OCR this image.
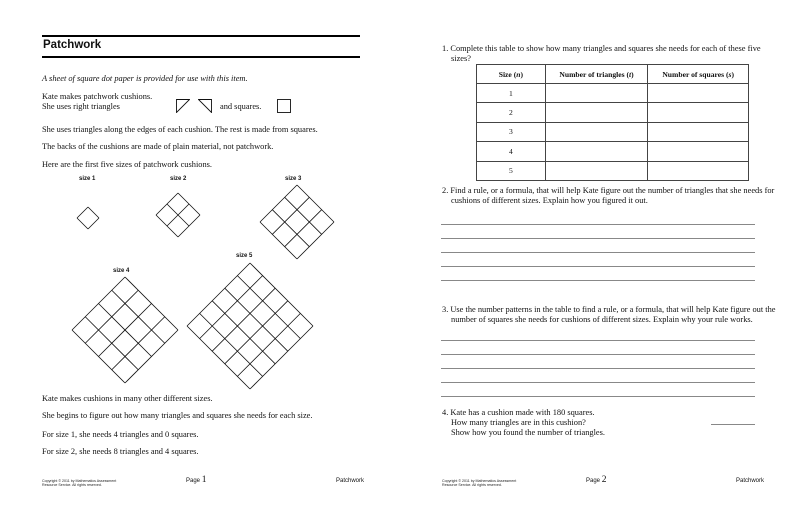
Patchwork
A sheet of square dot paper is provided for use with this item.
Kate makes patchwork cushions.
She uses right triangles	and squares.
She uses triangles along the edges of each cushion. The rest is made from squares.
The backs of the cushions are made of plain material, not patchwork.
Here are the first five sizes of patchwork cushions.
size 1	size 2	size 3
size 4
size 5
Kate makes cushions in many other different sizes.
She begins to figure out how many triangles and squares she needs for each size.
For size 1, she needs 4 triangles and 0 squares.
For size 2, she needs 8 triangles and 4 squares.
Copyright © 2011 by Mathematics Assessment
Resource Service. All rights reserved.
Page 1	Patchwork
1. Complete this table to show how many triangles and squares she needs for each of these five
sizes?
Size (n)	Number of triangles (t)	Number of squares (s)
1		
2		
3		
4		
5		
2. Find a rule, or a formula, that will help Kate figure out the number of triangles that she needs for
cushions of different sizes. Explain how you figured it out.
3. Use the number patterns in the table to find a rule, or a formula, that will help Kate figure out the
number of squares she needs for cushions of different sizes. Explain why your rule works.
4. Kate has a cushion made with 180 squares.
How many triangles are in this cushion?
Show how you found the number of triangles.
Copyright © 2011 by Mathematics Assessment
Resource Service. All rights reserved.
Page 2	Patchwork
